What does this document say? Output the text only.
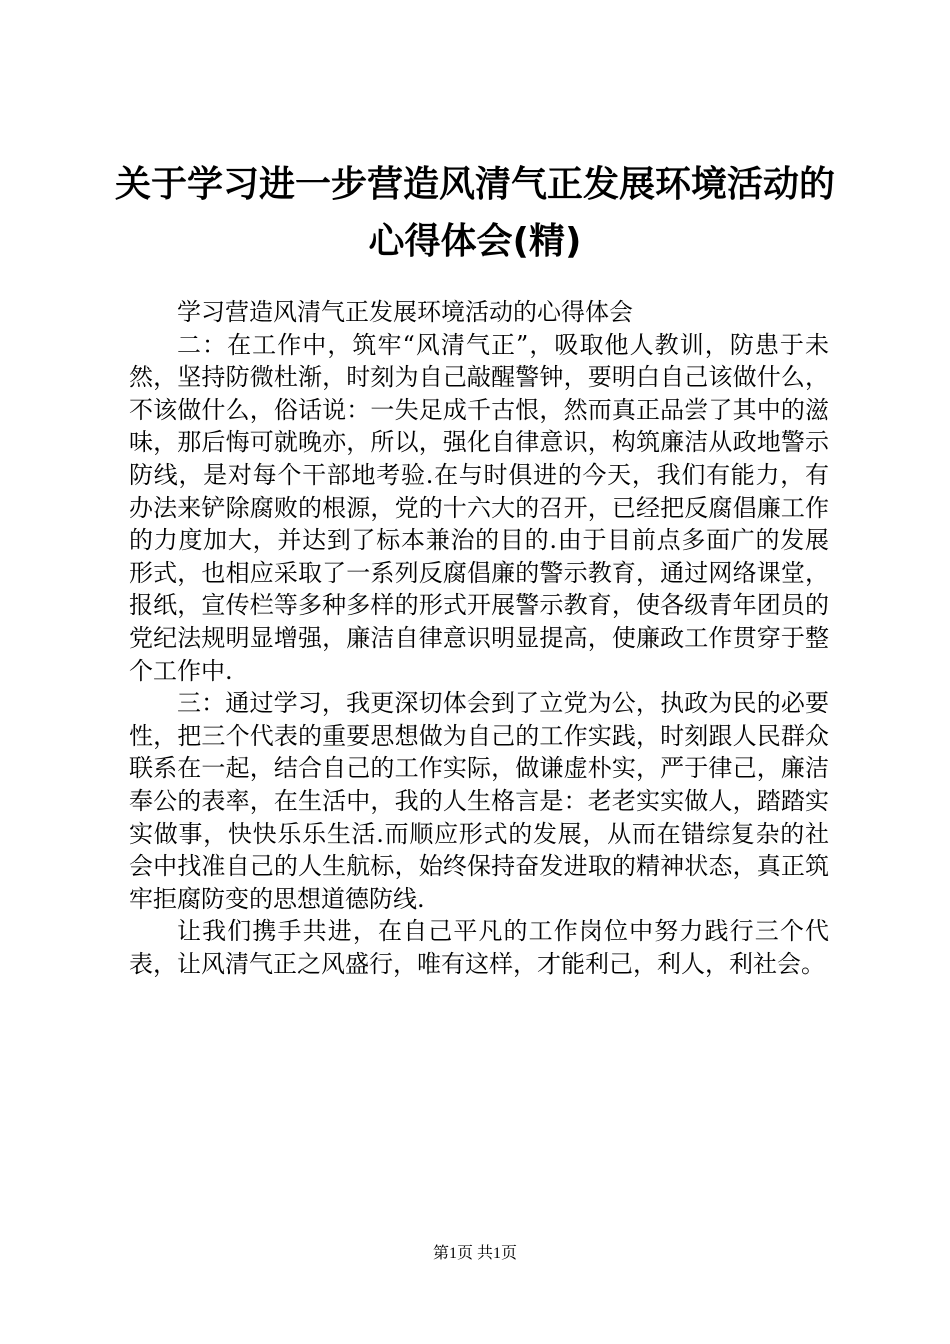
关于学习进一步营造风清气正发展环境活动的
心得体会(精)

学习营造风清气正发展环境活动的心得体会

二：在工作中，筑牢“风清气正”，吸取他人教训，防患于未然，坚持防微杜渐，时刻为自己敲醒警钟，要明白自己该做什么，不该做什么，俗话说：一失足成千古恨，然而真正品尝了其中的滋味，那后悔可就晚亦，所以，强化自律意识，构筑廉洁从政地警示防线，是对每个干部地考验.在与时俱进的今天，我们有能力，有办法来铲除腐败的根源，党的十六大的召开，已经把反腐倡廉工作的力度加大，并达到了标本兼治的目的.由于目前点多面广的发展形式，也相应采取了一系列反腐倡廉的警示教育，通过网络课堂，报纸，宣传栏等多种多样的形式开展警示教育，使各级青年团员的党纪法规明显增强，廉洁自律意识明显提高，使廉政工作贯穿于整个工作中.

三：通过学习，我更深切体会到了立党为公，执政为民的必要性，把三个代表的重要思想做为自己的工作实践，时刻跟人民群众联系在一起，结合自己的工作实际，做谦虚朴实，严于律己，廉洁奉公的表率，在生活中，我的人生格言是：老老实实做人，踏踏实实做事，快快乐乐生活.而顺应形式的发展，从而在错综复杂的社会中找准自己的人生航标，始终保持奋发进取的精神状态，真正筑牢拒腐防变的思想道德防线.

让我们携手共进，在自己平凡的工作岗位中努力践行三个代表，让风清气正之风盛行，唯有这样，才能利己，利人，利社会。

第1页 共1页
